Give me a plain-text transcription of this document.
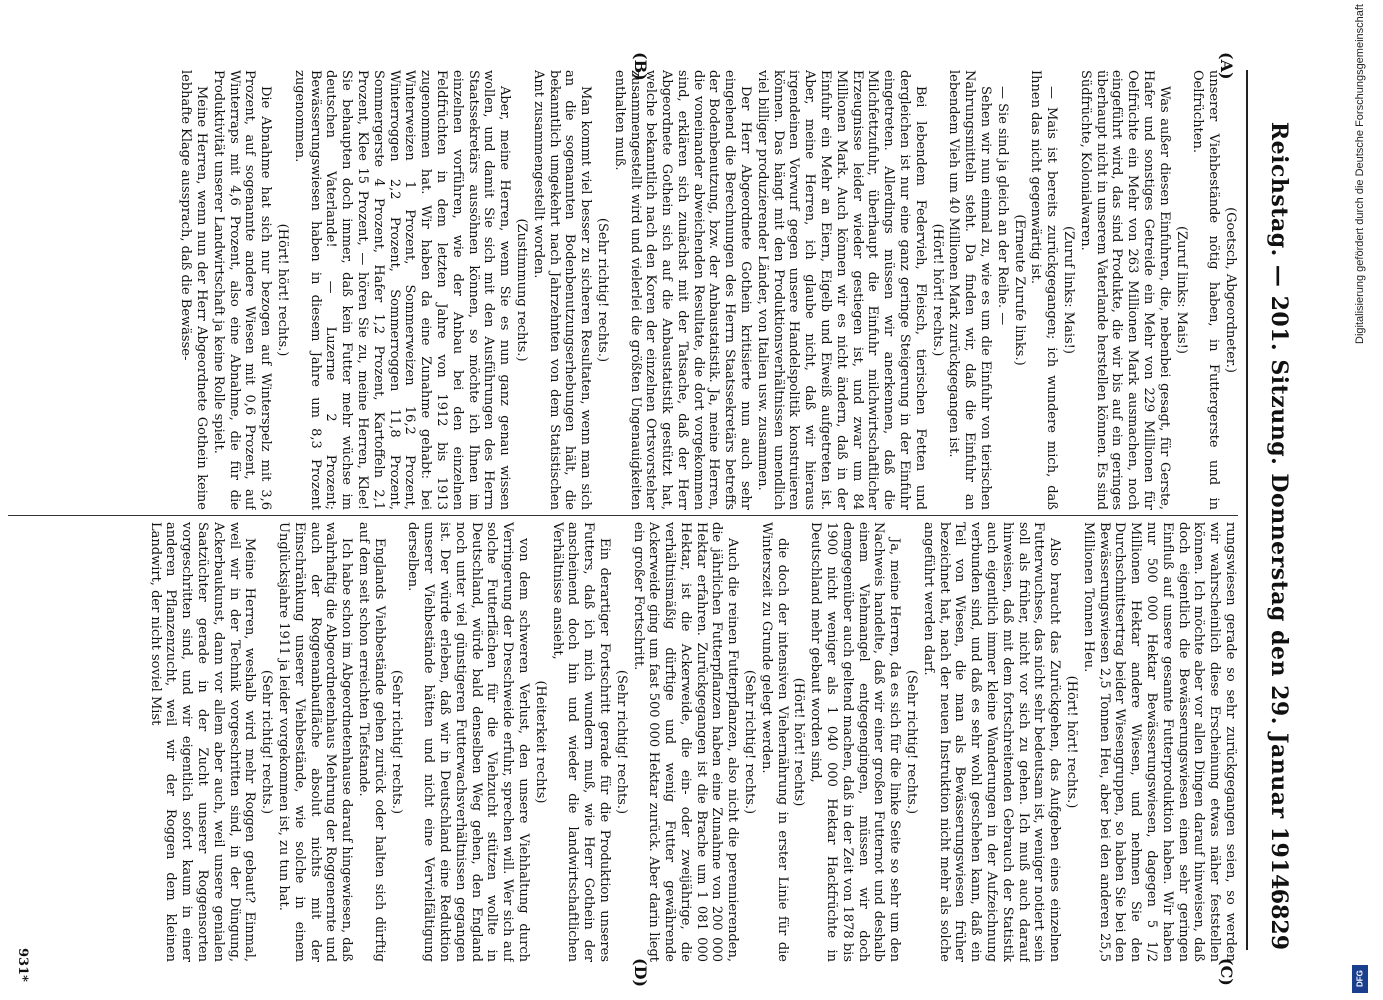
Reichstag. — 201. Sitzung. Donnerstag den 29. Januar 1914.
6829
(A)
(B)
(C)
(D)

(Goetsch, Abgeordneter.)

unserer Viehbestände nötig haben, in Futtergerste und in Oelfrüchten.

(Zuruf links: Mais!)

Was außer diesen Einfuhren, die, nebenbei gesagt, für Gerste, Hafer und sonstiges Getreide ein Mehr von 229 Millionen für Oelfrüchte ein Mehr von 263 Millionen Mark ausmachen, noch eingeführt wird, das sind Produkte, die wir bis auf ein geringes überhaupt nicht in unserem Vaterlande herstellen können. Es sind Südfrüchte, Kolonialwaren.

(Zuruf links: Mais!)

— Mais ist bereits zurückgegangen; ich wundere mich, daß Ihnen das nicht gegenwärtig ist.

(Erneute Zurufe links.)

— Sie sind ja gleich an der Reihe. —

Sehen wir nun einmal zu, wie es um die Einfuhr von tierischen Nahrungsmitteln steht. Da finden wir, daß die Einfuhr an lebendem Vieh um 40 Millionen Mark zurückgegangen ist.

(Hört! hört! rechts.)

Bei lebendem Federvieh, Fleisch, tierischen Fetten und dergleichen ist nur eine ganz geringe Steigerung in der Einfuhr eingetreten. Allerdings müssen wir anerkennen, daß die Milchfettzufuhr, überhaupt die Einfuhr milchwirtschaftlicher Erzeugnisse leider wieder gestiegen ist, und zwar um 84 Millionen Mark. Auch können wir es nicht ändern, daß in der Einfuhr ein Mehr an Eiern, Eigelb und Eiweiß aufgetreten ist. Aber, meine Herren, ich glaube nicht, daß wir hieraus irgendeinen Vorwurf gegen unsere Handelspolitik konstruieren können. Das hängt mit den Produktionsverhältnissen unendlich viel billiger produzierender Länder, von Italien usw. zusammen.

Der Herr Abgeordnete Gothein kritisierte nun auch sehr eingehend die Berechnungen des Herrn Staatssekretärs betreffs der Bodenbenutzung, bzw. der Anbaustatistik. Ja, meine Herren, die voneinander abweichenden Resultate, die dort vorgekommen sind, erklären sich zunächst mit der Tatsache, daß der Herr Abgeordnete Gothein sich auf die Anbaustatistik gestützt hat, welche bekanntlich nach den Koren der einzelnen Ortsvorsteher zusammengestellt wird und vielerlei die größten Ungenauigkeiten enthalten muß.

(Sehr richtig! rechts.)

Man kommt viel besser zu sicheren Resultaten, wenn man sich an die sogenannten Bodenbenutzungserhebungen hält, die bekanntlich umgekehrt nach Jahrzehnten von dem Statistischen Amt zusammengestellt worden.

(Zustimmung rechts.)

Aber, meine Herren, wenn Sie es nun ganz genau wissen wollen, und damit Sie sich mit den Ausführungen des Herrn Staatssekretärs aussöhnen können, so möchte ich Ihnen im einzelnen vorführen, wie der Anbau bei den einzelnen Feldfrüchten in dem letzten Jahre von 1912 bis 1913 zugenommen hat. Wir haben da eine Zunahme gehabt: bei Winterweizen 1 Prozent, Sommerweizen 16,2 Prozent, Winterroggen 2,2 Prozent, Sommerroggen 11,8 Prozent, Sommergerste 4 Prozent, Hafer 1,2 Prozent, Kartoffeln 2,1 Prozent, Klee 15 Prozent, — hören Sie zu, meine Herren, Klee! Sie behaupten doch immer, daß kein Futter mehr wüchse im deutschen Vaterlande! — Luzerne 2 Prozent; Bewässerungswiesen haben in diesem Jahre um 8,3 Prozent zugenommen.

(Hört! hört! rechts.)

Die Abnahme hat sich nur bezogen auf Winterspelz mit 3,6 Prozent, auf sogenannte andere Wiesen mit 0,6 Prozent, auf Winterraps mit 4,6 Prozent, also eine Abnahme, die für die Produktivität unserer Landwirtschaft ja keine Rolle spielt.

Meine Herren, wenn nun der Herr Abgeordnete Gothein keine lebhafte Klage aussprach, daß die Bewässe-

rungswiesen gerade so sehr zurückgegangen seien, so werden wir wahrscheinlich diese Erscheinung etwas näher feststellen können. Ich möchte aber vor allen Dingen darauf hinweisen, daß doch eigentlich die Bewässerungswiesen einen sehr geringen Einfluß auf unsere gesamte Futterproduktion haben. Wir haben nur 500 000 Hektar Bewässerungswiesen, dagegen 5 1/2 Millionen Hektar andere Wiesen, und nehmen Sie den Durchschnittsertrag beider Wiesengruppen, so haben Sie bei den Bewässerungswiesen 2,5 Tonnen Heu, aber bei den anderen 25,5 Millionen Tonnen Heu.

(Hört! hört! rechts.)

Also braucht das Zurückgehen, das Aufgeben eines einzelnen Futterwuchses, das nicht sehr bedeutsam ist, weniger notiert sein soll als früher, nicht vor sich zu gehen. Ich muß auch darauf hinweisen, daß mit dem fortschreitenden Gebrauch der Statistik auch eigentlich immer kleine Wanderungen in der Aufzeichnung verbunden sind, und daß es sehr wohl geschehen kann, daß ein Teil von Wiesen, die man als Bewässerungswiesen früher bezeichnet hat, nach der neuen Instruktion nicht mehr als solche angeführt werden darf.

(Sehr richtig! rechts.)

Ja, meine Herren, da es sich für die linke Seite so sehr um den Nachweis handelte, daß wir einer großen Futternot und deshalb einem Viehmangel entgegengingen, müssen wir doch demgegenüber auch geltend machen, daß in der Zeit von 1878 bis 1900 nicht weniger als 1 040 000 Hektar Hackfrüchte in Deutschland mehr gebaut worden sind,

(Hört! hört! rechts)

die doch der intensiven Viehernährung in erster Linie für die Winterszeit zu Grunde gelegt werden.

(Sehr richtig! rechts.)

Auch die reinen Futterpflanzen, also nicht die perennierenden, die jährlichen Futterpflanzen haben eine Zunahme von 200 000 Hektar erfahren. Zurückgegangen ist die Brache um 1 081 000 Hektar, ist die Ackerweide, die ein- oder zweijährige, die verhältnismäßig dürftige und wenig Futter gewährende Ackerweide ging um fast 500 000 Hektar zurück. Aber darin liegt ein großer Fortschritt.

(Sehr richtig! rechts.)

Ein derartiger Fortschritt gerade für die Produktion unseres Futters, daß ich mich wundern muß, wie Herr Gothein der anscheinend doch hin und wieder die landwirtschaftlichen Verhältnisse ansieht,

(Heiterkeit rechts)

von dem schweren Verlust, den unsere Viehhaltung durch Verringerung der Dreschweide erfuhr, sprechen will. Wer sich auf solche Futterflächen für die Viehzucht stützen wollte in Deutschland, würde bald denselben Weg gehen, den England noch unter viel günstigeren Futterwachsverhältnissen gegangen ist. Der würde erleben, daß wir in Deutschland eine Reduktion unserer Viehbestände hätten und nicht eine Vervielfältigung derselben.

(Sehr richtig! rechts.)

Englands Viehbestände gehen zurück oder halten sich dürftig auf dem seit schon erreichten Tiefstande.

Ich habe schon im Abgeordnetenhause darauf hingewiesen, daß wahrhaftig die Abgeordnetenhaus Mehrung der Roggenernte und auch der Roggenanbaufläche absolut nichts mit der Einschränkung unserer Viehbestände, wie solche in einem Unglücksjahre 1911 ja leider vorgekommen ist, zu tun hat.

(Sehr richtig! rechts.)

Meine Herren, weshalb wird mehr Roggen gebaut? Einmal, weil wir in der Technik vorgeschritten sind, in der Düngung, Ackerbaukunst, dann vor allem aber auch, weil unsere genialen Saatzüchter gerade in der Zucht unserer Roggensorten vorgeschritten sind, und wir eigentlich sofort kaum in einer anderen Pflanzenzucht, weil wir der Roggen dem kleinen Landwirt, der nicht soviel Mist

931*
Digitalisierung gefördert durch die Deutsche Forschungsgemeinschaft
DFG
